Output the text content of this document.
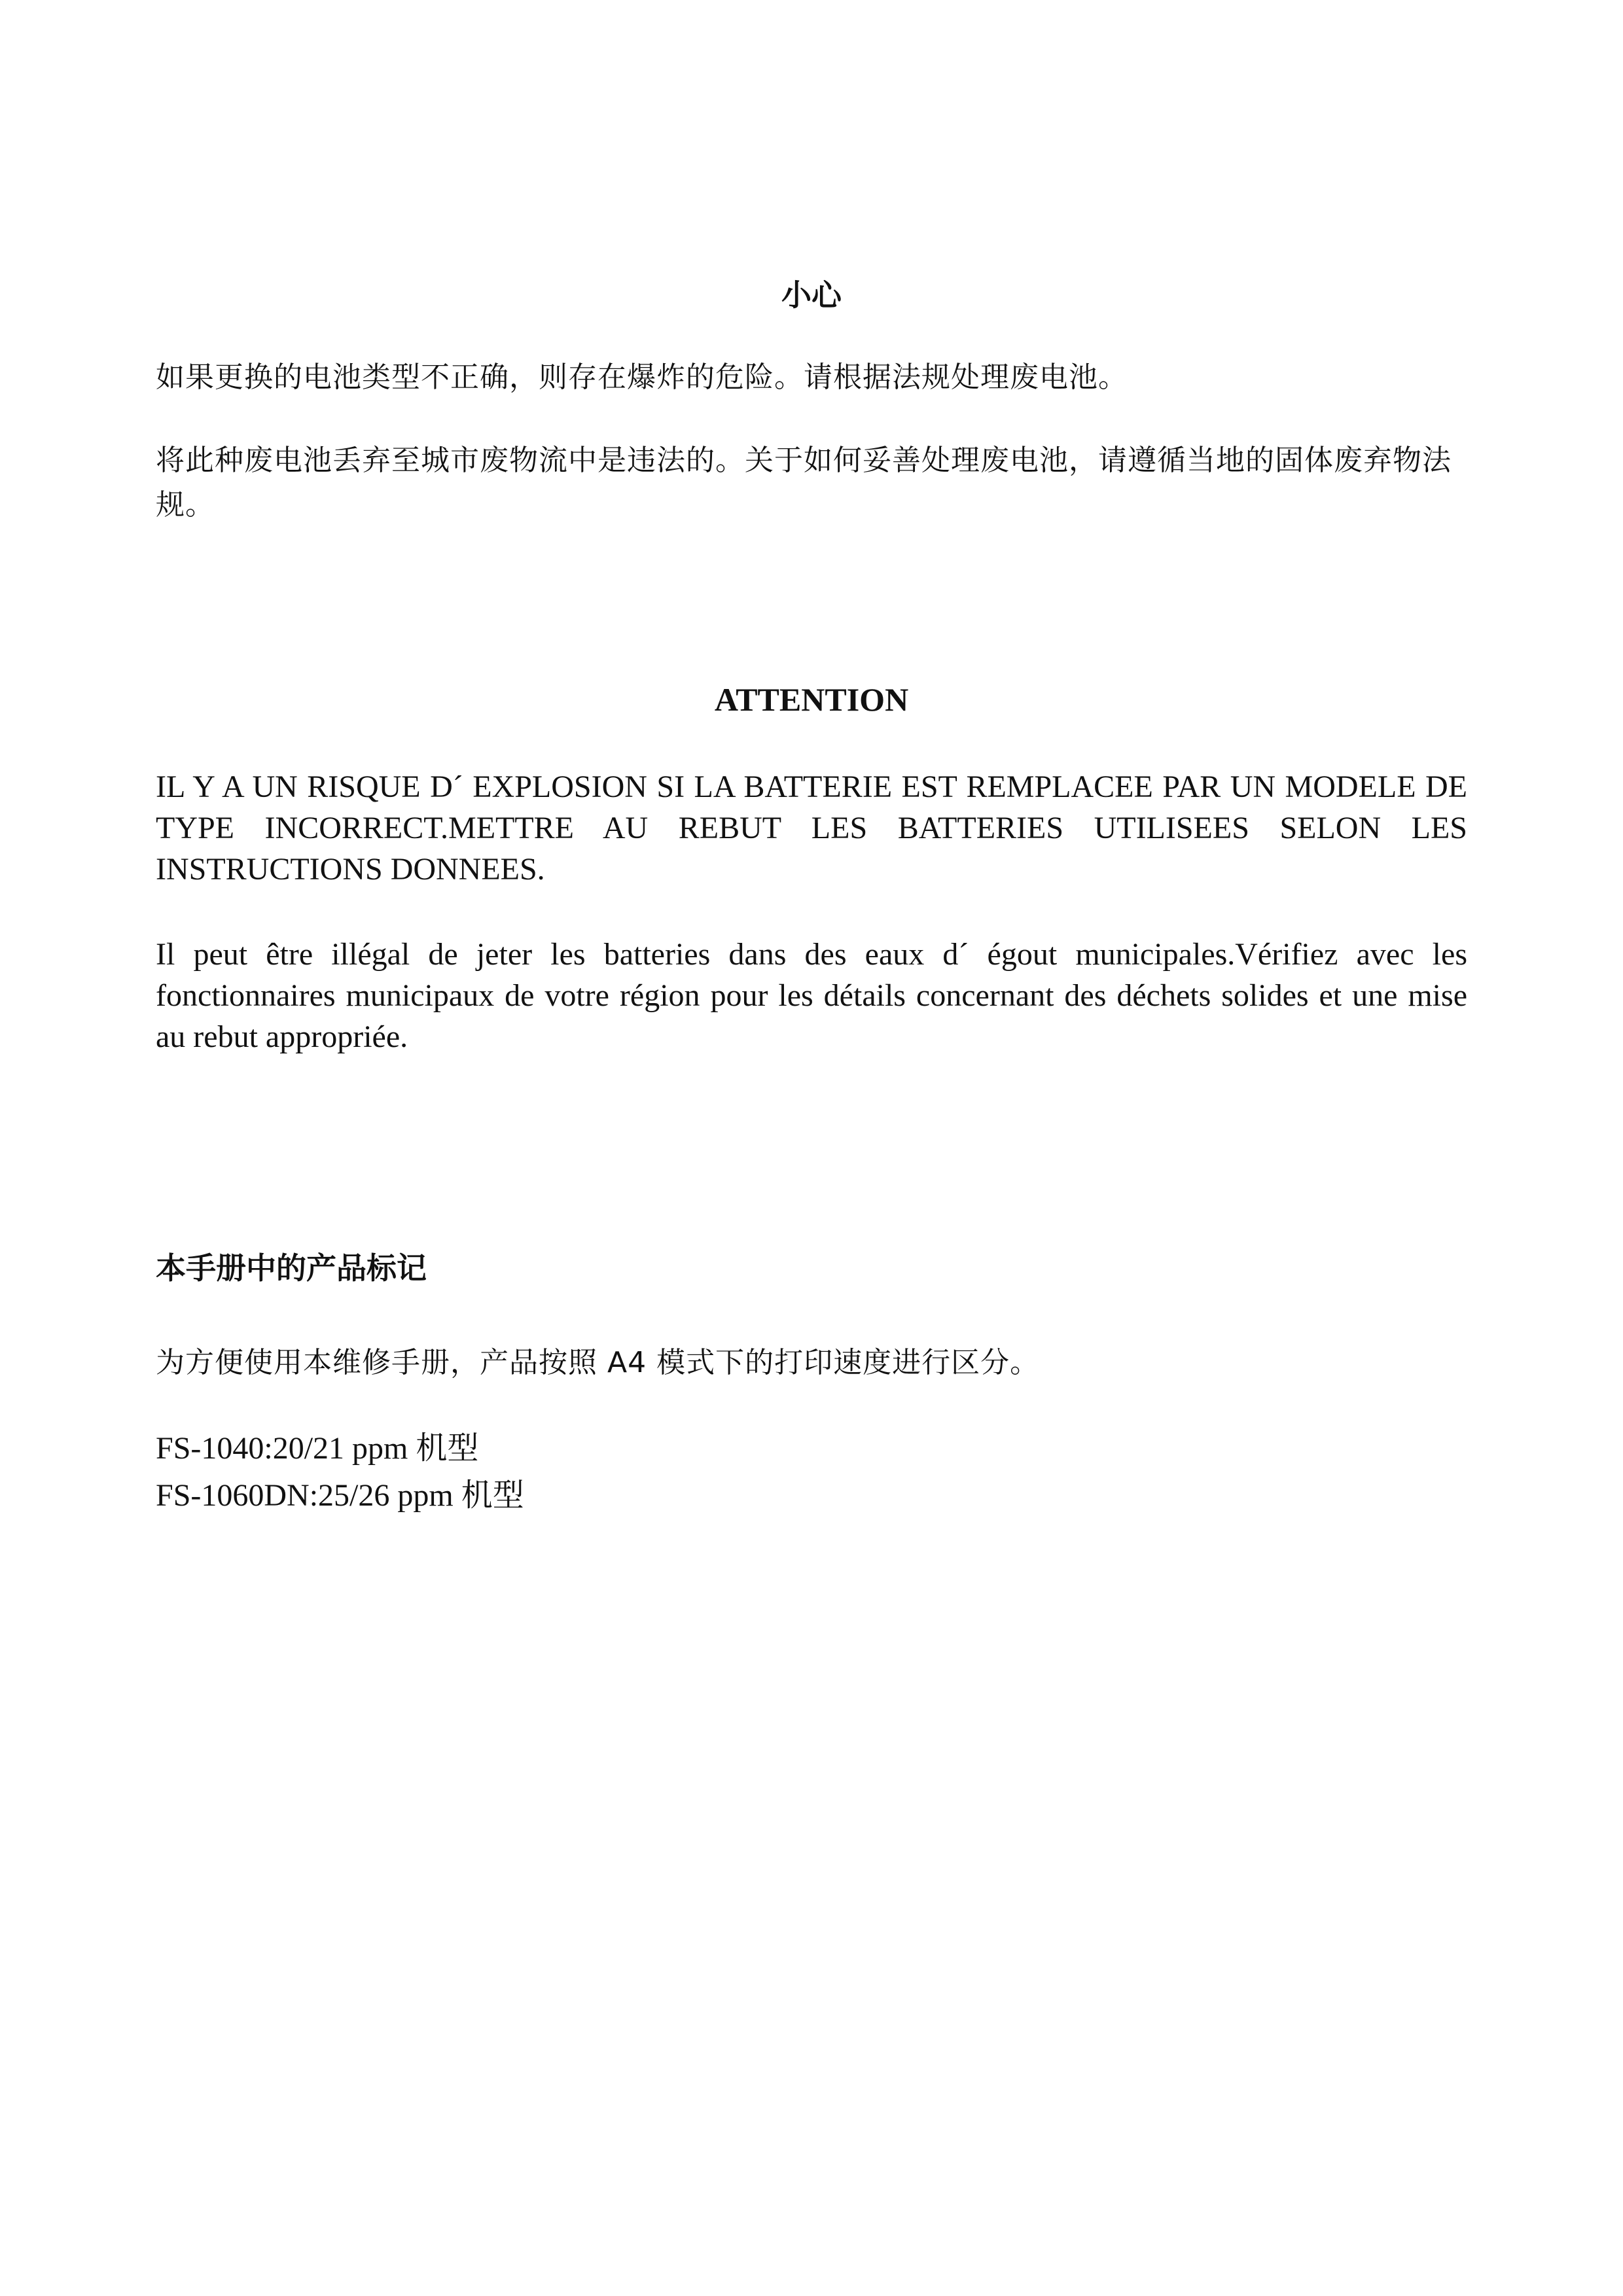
小心

如果更换的电池类型不正确，则存在爆炸的危险。请根据法规处理废电池。

将此种废电池丢弃至城市废物流中是违法的。关于如何妥善处理废电池，请遵循当地的固体废弃物法规。

ATTENTION

IL Y A UN RISQUE D´ EXPLOSION SI LA BATTERIE EST REMPLACEE PAR UN MODELE DE TYPE INCORRECT.METTRE AU REBUT LES BATTERIES UTILISEES SELON LES INSTRUCTIONS DONNEES.

Il peut être illégal de jeter les batteries dans des eaux d´ égout municipales.Vérifiez avec les fonctionnaires municipaux de votre région pour les détails concernant des déchets solides et une mise au rebut appropriée.

本手册中的产品标记

为方便使用本维修手册，产品按照 A4 模式下的打印速度进行区分。

FS-1040:20/21 ppm 机型
FS-1060DN:25/26 ppm 机型
